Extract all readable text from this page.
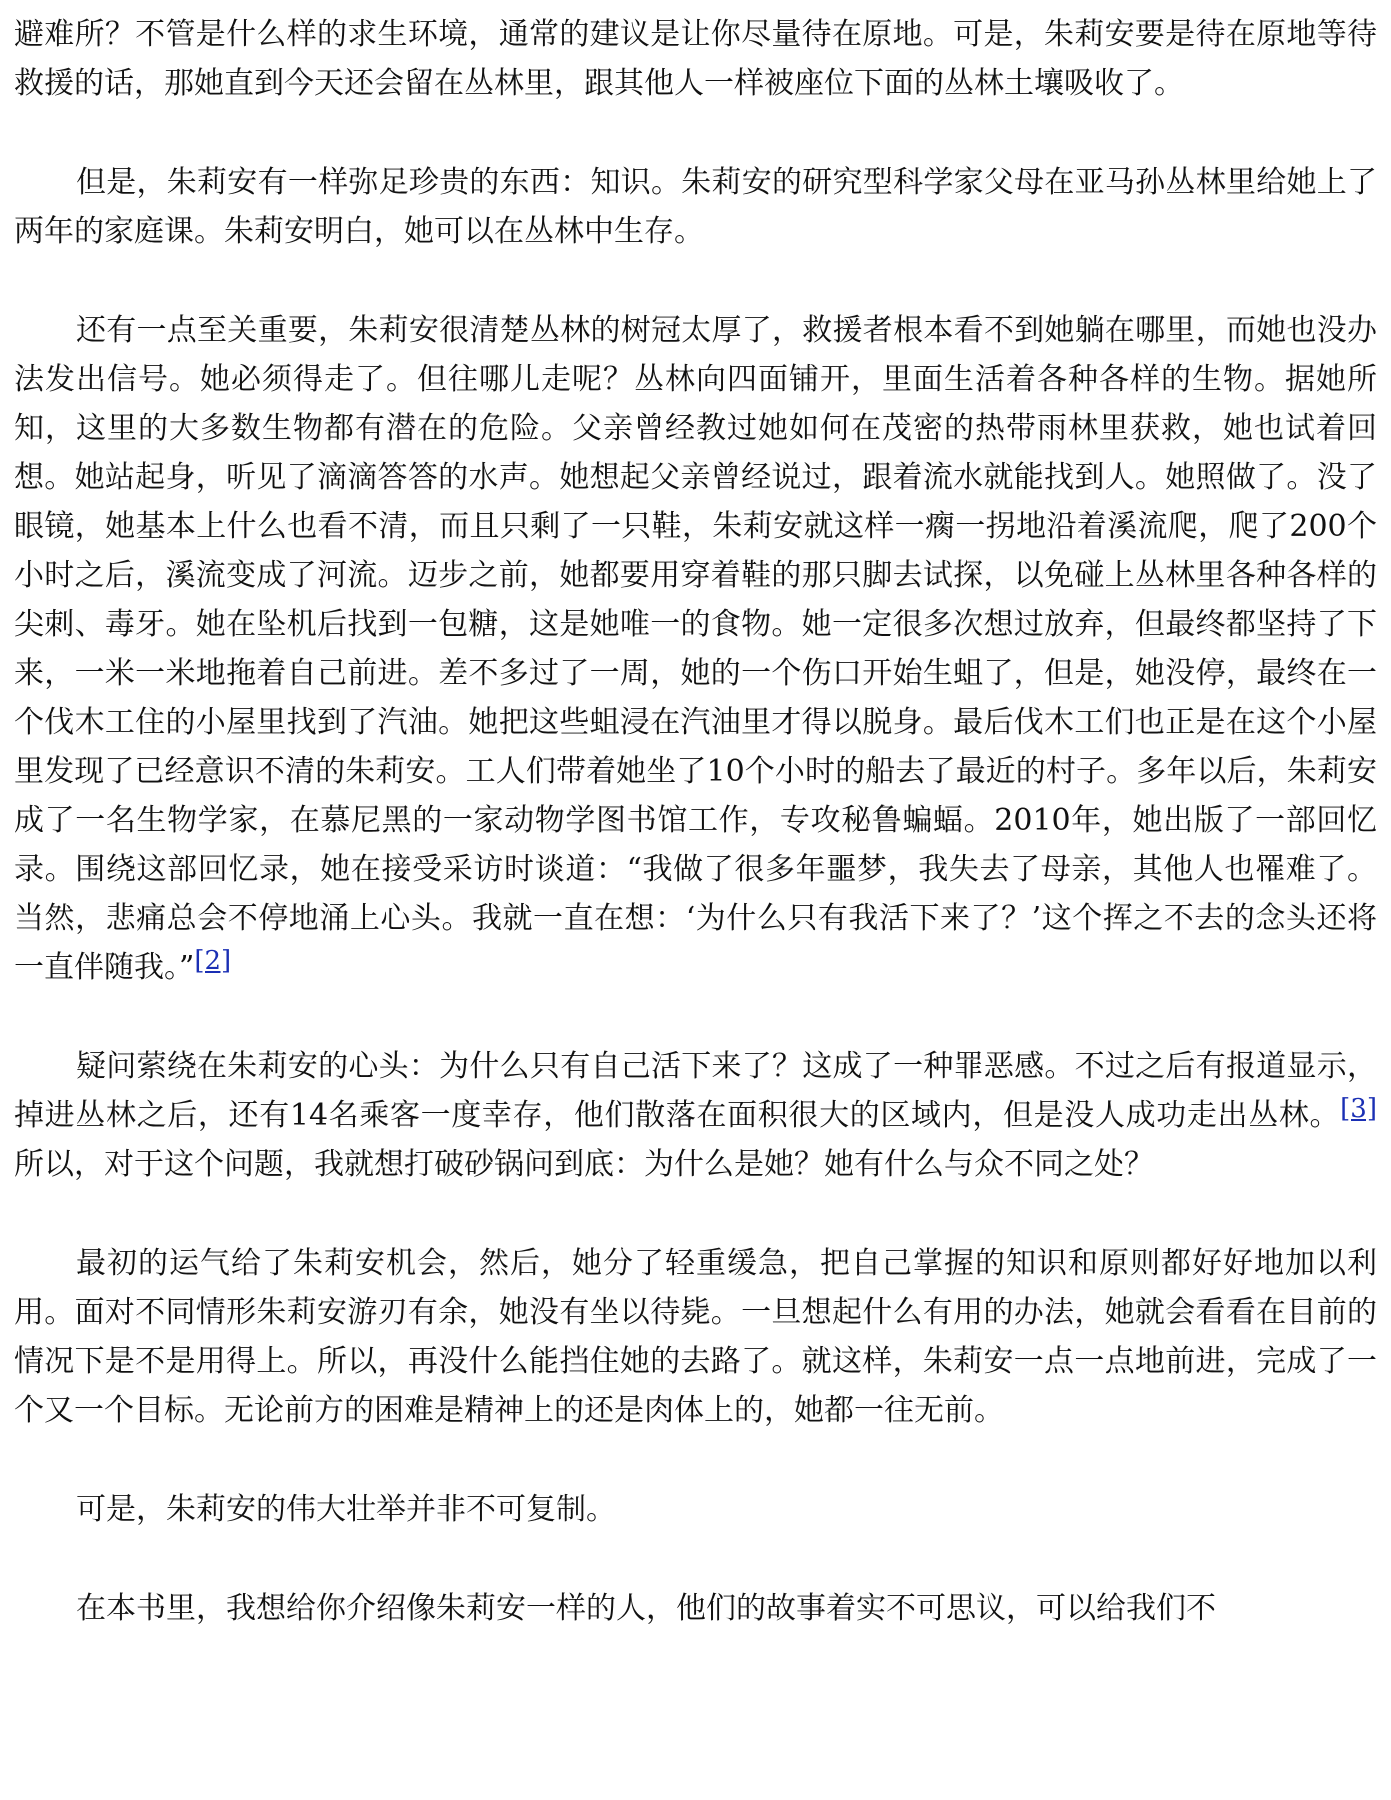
避难所？不管是什么样的求生环境，通常的建议是让你尽量待在原地。可是，朱莉安要是待在原地等待救援的话，那她直到今天还会留在丛林里，跟其他人一样被座位下面的丛林土壤吸收了。

但是，朱莉安有一样弥足珍贵的东西：知识。朱莉安的研究型科学家父母在亚马孙丛林里给她上了两年的家庭课。朱莉安明白，她可以在丛林中生存。

还有一点至关重要，朱莉安很清楚丛林的树冠太厚了，救援者根本看不到她躺在哪里，而她也没办法发出信号。她必须得走了。但往哪儿走呢？丛林向四面铺开，里面生活着各种各样的生物。据她所知，这里的大多数生物都有潜在的危险。父亲曾经教过她如何在茂密的热带雨林里获救，她也试着回想。她站起身，听见了滴滴答答的水声。她想起父亲曾经说过，跟着流水就能找到人。她照做了。没了眼镜，她基本上什么也看不清，而且只剩了一只鞋，朱莉安就这样一瘸一拐地沿着溪流爬，爬了200个小时之后，溪流变成了河流。迈步之前，她都要用穿着鞋的那只脚去试探，以免碰上丛林里各种各样的尖刺、毒牙。她在坠机后找到一包糖，这是她唯一的食物。她一定很多次想过放弃，但最终都坚持了下来，一米一米地拖着自己前进。差不多过了一周，她的一个伤口开始生蛆了，但是，她没停，最终在一个伐木工住的小屋里找到了汽油。她把这些蛆浸在汽油里才得以脱身。最后伐木工们也正是在这个小屋里发现了已经意识不清的朱莉安。工人们带着她坐了10个小时的船去了最近的村子。多年以后，朱莉安成了一名生物学家，在慕尼黑的一家动物学图书馆工作，专攻秘鲁蝙蝠。2010年，她出版了一部回忆录。围绕这部回忆录，她在接受采访时谈道：“我做了很多年噩梦，我失去了母亲，其他人也罹难了。当然，悲痛总会不停地涌上心头。我就一直在想：‘为什么只有我活下来了？’这个挥之不去的念头还将一直伴随我。”[2]

疑问萦绕在朱莉安的心头：为什么只有自己活下来了？这成了一种罪恶感。不过之后有报道显示，掉进丛林之后，还有14名乘客一度幸存，他们散落在面积很大的区域内，但是没人成功走出丛林。[3]所以，对于这个问题，我就想打破砂锅问到底：为什么是她？她有什么与众不同之处？

最初的运气给了朱莉安机会，然后，她分了轻重缓急，把自己掌握的知识和原则都好好地加以利用。面对不同情形朱莉安游刃有余，她没有坐以待毙。一旦想起什么有用的办法，她就会看看在目前的情况下是不是用得上。所以，再没什么能挡住她的去路了。就这样，朱莉安一点一点地前进，完成了一个又一个目标。无论前方的困难是精神上的还是肉体上的，她都一往无前。

可是，朱莉安的伟大壮举并非不可复制。

在本书里，我想给你介绍像朱莉安一样的人，他们的故事着实不可思议，可以给我们不
